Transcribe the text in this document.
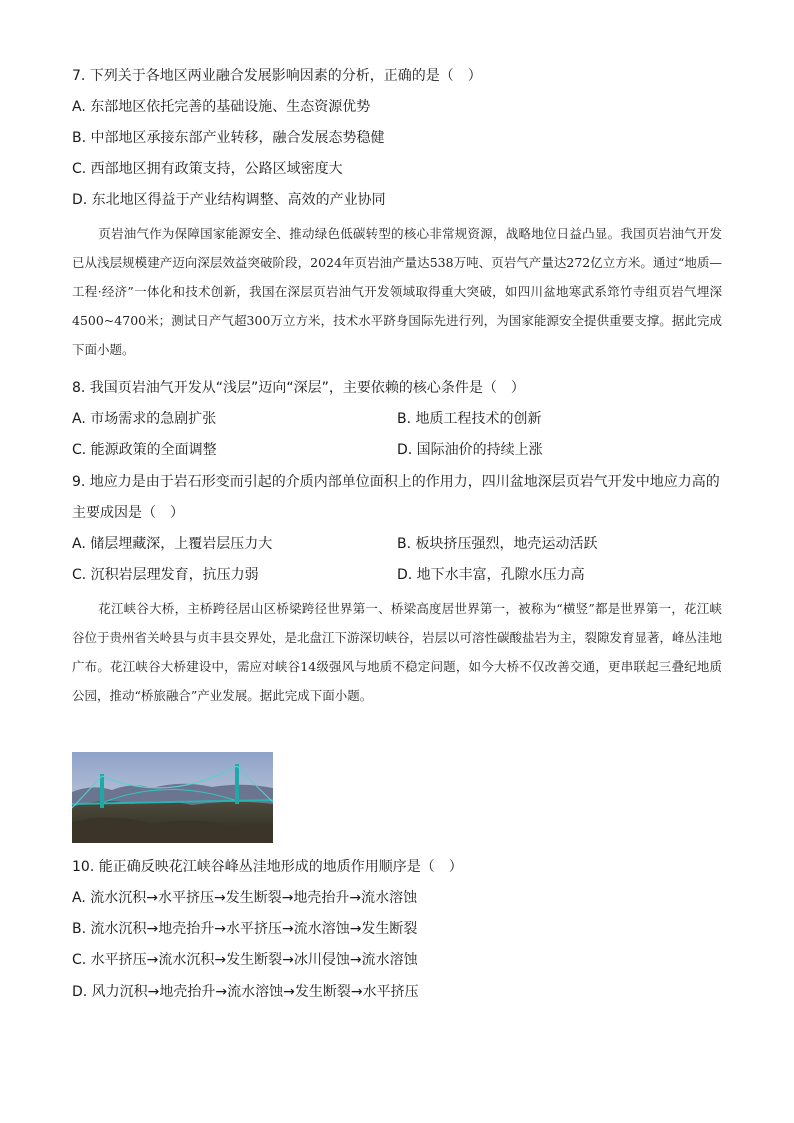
7. 下列关于各地区两业融合发展影响因素的分析，正确的是（　）
A. 东部地区依托完善的基础设施、生态资源优势
B. 中部地区承接东部产业转移，融合发展态势稳健
C. 西部地区拥有政策支持，公路区域密度大
D. 东北地区得益于产业结构调整、高效的产业协同
页岩油气作为保障国家能源安全、推动绿色低碳转型的核心非常规资源，战略地位日益凸显。我国页岩油气开发已从浅层规模建产迈向深层效益突破阶段，2024年页岩油产量达538万吨、页岩气产量达272亿立方米。通过“地质—工程·经济”一体化和技术创新，我国在深层页岩油气开发领域取得重大突破，如四川盆地寒武系筇竹寺组页岩气埋深4500~4700米；测试日产气超300万立方米，技术水平跻身国际先进行列，为国家能源安全提供重要支撑。据此完成下面小题。
8. 我国页岩油气开发从“浅层”迈向“深层”，主要依赖的核心条件是（　）
A. 市场需求的急剧扩张	B. 地质工程技术的创新
C. 能源政策的全面调整	D. 国际油价的持续上涨
9. 地应力是由于岩石形变而引起的介质内部单位面积上的作用力，四川盆地深层页岩气开发中地应力高的
主要成因是（　）
A. 储层埋藏深，上覆岩层压力大	B. 板块挤压强烈，地壳运动活跃
C. 沉积岩层理发育，抗压力弱	D. 地下水丰富，孔隙水压力高
花江峡谷大桥，主桥跨径居山区桥梁跨径世界第一、桥梁高度居世界第一，被称为“横竖”都是世界第一，花江峡谷位于贵州省关岭县与贞丰县交界处，是北盘江下游深切峡谷，岩层以可溶性碳酸盐岩为主，裂隙发育显著，峰丛洼地广布。花江峡谷大桥建设中，需应对峡谷14级强风与地质不稳定问题，如今大桥不仅改善交通，更串联起三叠纪地质公园，推动“桥旅融合”产业发展。据此完成下面小题。
10. 能正确反映花江峡谷峰丛洼地形成的地质作用顺序是（　）
A. 流水沉积→水平挤压→发生断裂→地壳抬升→流水溶蚀
B. 流水沉积→地壳抬升→水平挤压→流水溶蚀→发生断裂
C. 水平挤压→流水沉积→发生断裂→冰川侵蚀→流水溶蚀
D. 风力沉积→地壳抬升→流水溶蚀→发生断裂→水平挤压
